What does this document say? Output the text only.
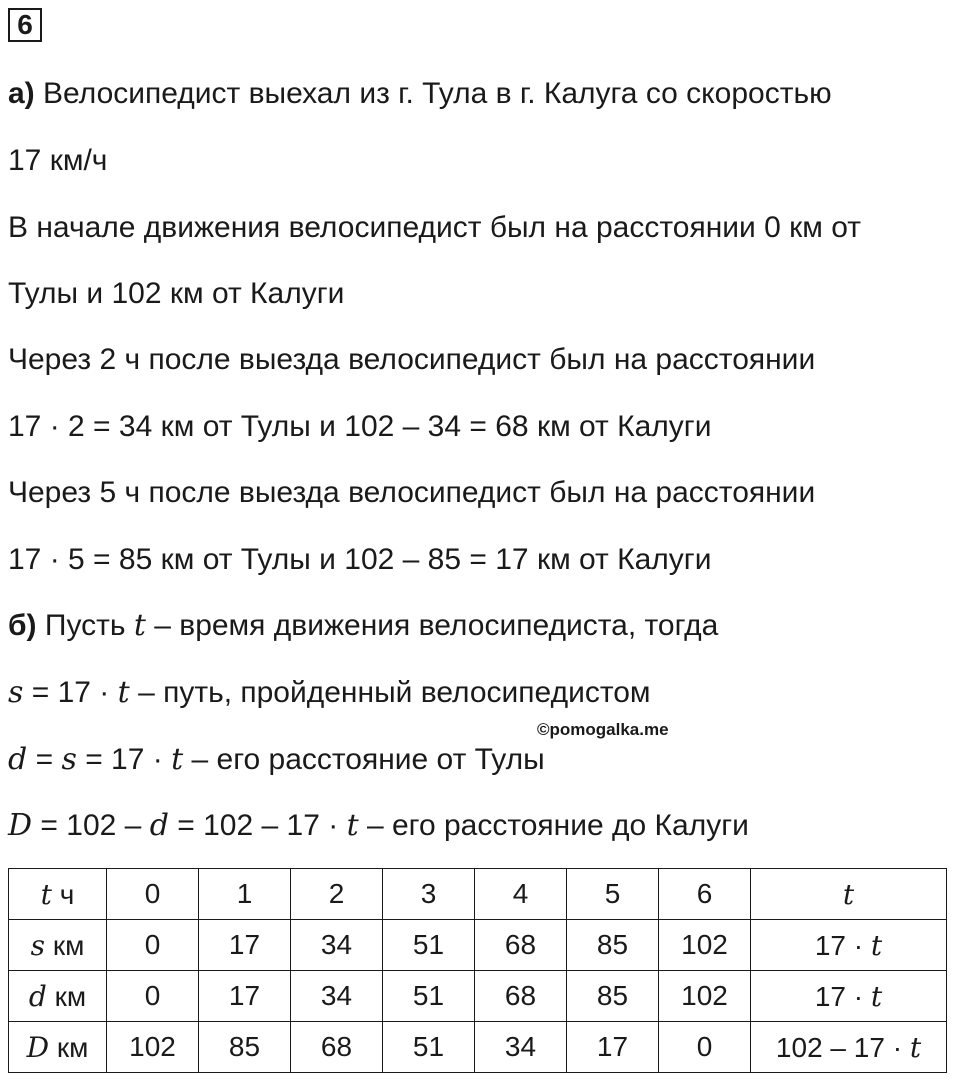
6
а) Велосипедист выехал из г. Тула в г. Калуга со скоростью
17 км/ч
В начале движения велосипедист был на расстоянии 0 км от
Тулы и 102 км от Калуги
Через 2 ч после выезда велосипедист был на расстоянии
17 · 2 = 34 км от Тулы и 102 – 34 = 68 км от Калуги
Через 5 ч после выезда велосипедист был на расстоянии
17 · 5 = 85 км от Тулы и 102 – 85 = 17 км от Калуги
б) Пусть t – время движения велосипедиста, тогда
s = 17 · t – путь, пройденный велосипедистом
©pomogalka.me
d = s = 17 · t – его расстояние от Тулы
D = 102 – d = 102 – 17 · t – его расстояние до Калуги
t ч	0	1	2	3	4	5	6	t
s км	0	17	34	51	68	85	102	17 · t
d км	0	17	34	51	68	85	102	17 · t
D км	102	85	68	51	34	17	0	102 – 17 · t
